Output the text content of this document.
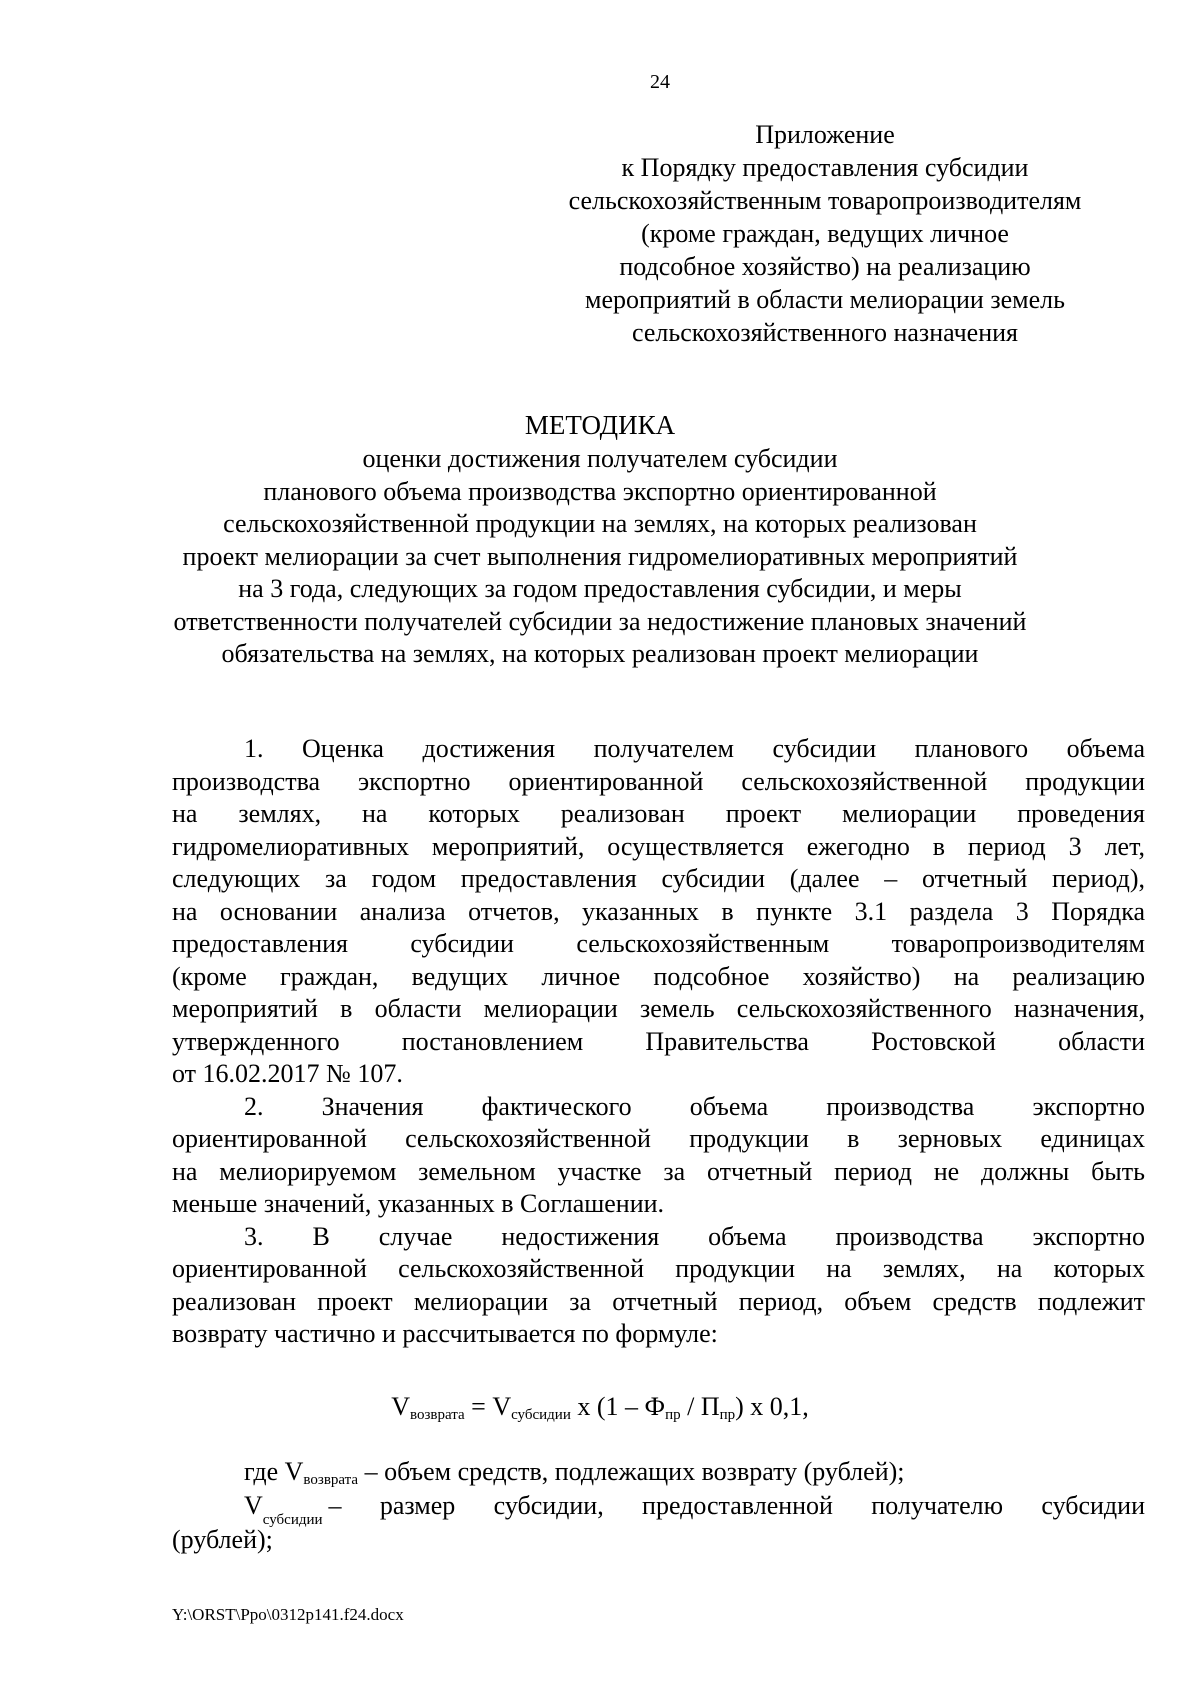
24
Приложение
к Порядку предоставления субсидии
сельскохозяйственным товаропроизводителям
(кроме граждан, ведущих личное
подсобное хозяйство) на реализацию
мероприятий в области мелиорации земель
сельскохозяйственного назначения
МЕТОДИКА
оценки достижения получателем субсидии
планового объема производства экспортно ориентированной
сельскохозяйственной продукции на землях, на которых реализован
проект мелиорации за счет выполнения гидромелиоративных мероприятий
на 3 года, следующих за годом предоставления субсидии, и меры
ответственности получателей субсидии за недостижение плановых значений
обязательства на землях, на которых реализован проект мелиорации
1. Оценка достижения получателем субсидии планового объема
производства экспортно ориентированной сельскохозяйственной продукции
на землях, на которых реализован проект мелиорации проведения
гидромелиоративных мероприятий, осуществляется ежегодно в период 3 лет,
следующих за годом предоставления субсидии (далее – отчетный период),
на основании анализа отчетов, указанных в пункте 3.1 раздела 3 Порядка
предоставления субсидии сельскохозяйственным товаропроизводителям
(кроме граждан, ведущих личное подсобное хозяйство) на реализацию
мероприятий в области мелиорации земель сельскохозяйственного назначения,
утвержденного постановлением Правительства Ростовской области
от 16.02.2017 № 107.
2. Значения фактического объема производства экспортно
ориентированной сельскохозяйственной продукции в зерновых единицах
на мелиорируемом земельном участке за отчетный период не должны быть
меньше значений, указанных в Соглашении.
3. В случае недостижения объема производства экспортно
ориентированной сельскохозяйственной продукции на землях, на которых
реализован проект мелиорации за отчетный период, объем средств подлежит
возврату частично и рассчитывается по формуле:
$V_{возврата} = V_{субсидии}$ x $(1 - Ф_{пр} / П_{пр})$ x 0,1,
где $V_{возврата}$ – объем средств, подлежащих возврату (рублей);
$V_{субсидии}$ – размер субсидии, предоставленной получателю субсидии
(рублей);
Y:\ORST\Ppo\0312p141.f24.docx
